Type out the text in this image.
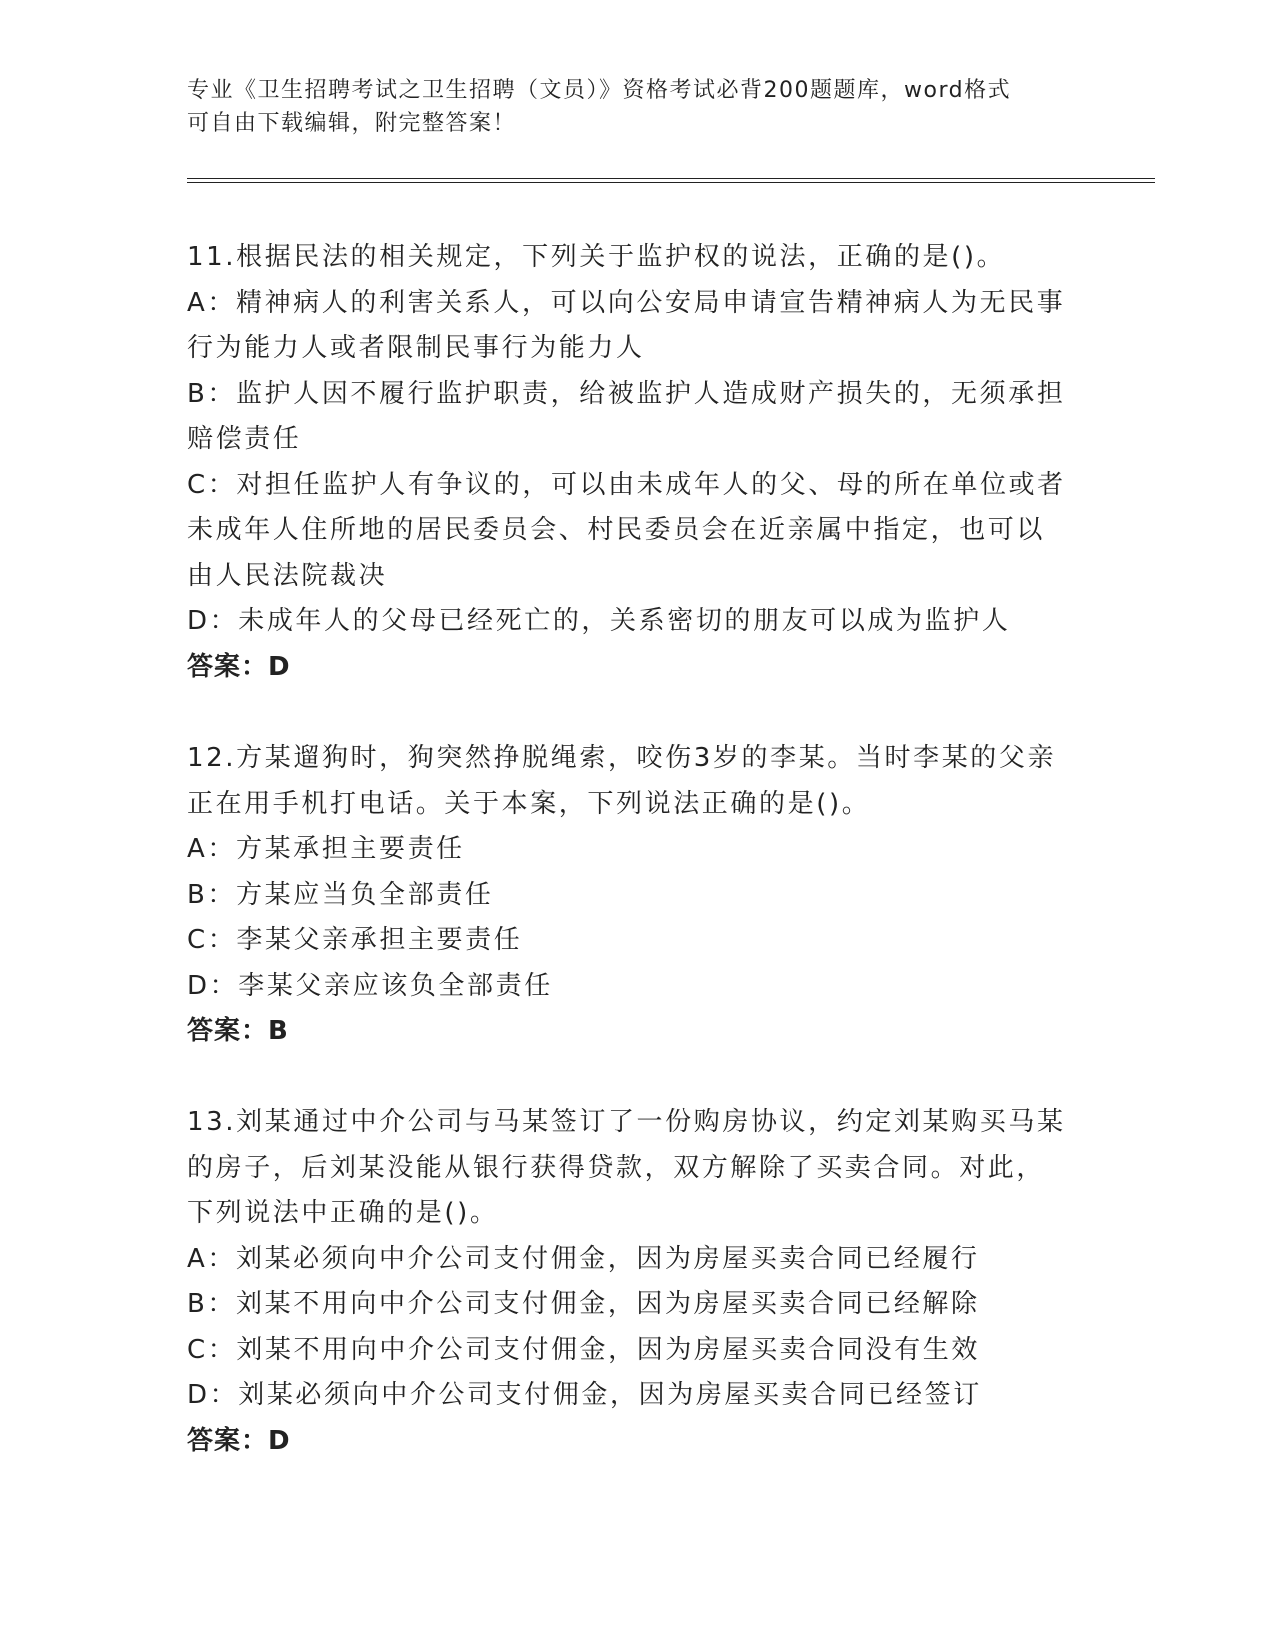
专业《卫生招聘考试之卫生招聘（文员）》资格考试必背200题题库，word格式
可自由下载编辑，附完整答案！

11.根据民法的相关规定，下列关于监护权的说法，正确的是()。

A：精神病人的利害关系人，可以向公安局申请宣告精神病人为无民事

行为能力人或者限制民事行为能力人

B：监护人因不履行监护职责，给被监护人造成财产损失的，无须承担

赔偿责任

C：对担任监护人有争议的，可以由未成年人的父、母的所在单位或者

未成年人住所地的居民委员会、村民委员会在近亲属中指定，也可以

由人民法院裁决

D：未成年人的父母已经死亡的，关系密切的朋友可以成为监护人

答案：D

12.方某遛狗时，狗突然挣脱绳索，咬伤3岁的李某。当时李某的父亲

正在用手机打电话。关于本案，下列说法正确的是()。

A：方某承担主要责任

B：方某应当负全部责任

C：李某父亲承担主要责任

D：李某父亲应该负全部责任

答案：B

13.刘某通过中介公司与马某签订了一份购房协议，约定刘某购买马某

的房子，后刘某没能从银行获得贷款，双方解除了买卖合同。对此，

下列说法中正确的是()。

A：刘某必须向中介公司支付佣金，因为房屋买卖合同已经履行

B：刘某不用向中介公司支付佣金，因为房屋买卖合同已经解除

C：刘某不用向中介公司支付佣金，因为房屋买卖合同没有生效

D：刘某必须向中介公司支付佣金，因为房屋买卖合同已经签订

答案：D
